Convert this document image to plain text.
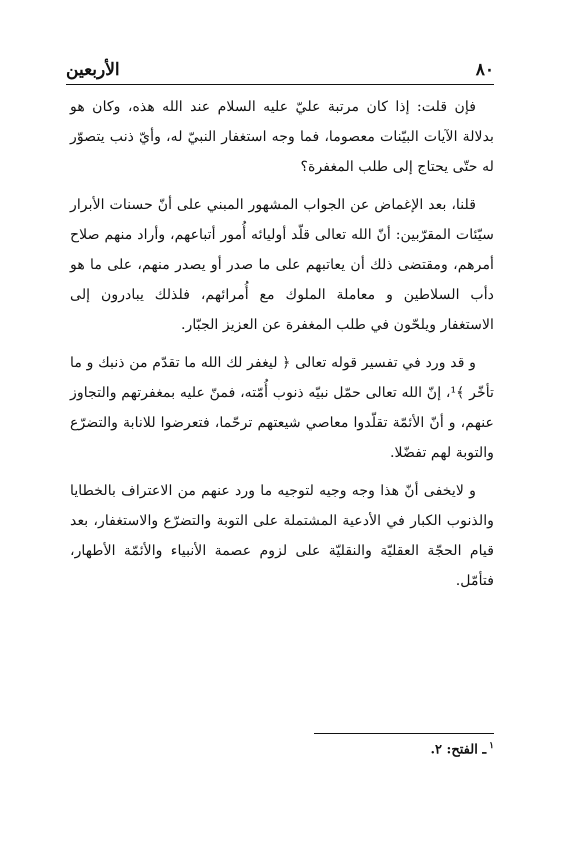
٨٠
الأربعين

فإن قلت: إذا كان مرتبة عليّ عليه السلام عند الله هذه، وكان هو بدلالة الآيات البيّنات معصوما، فما وجه استغفار النبيّ له، وأيّ ذنب يتصوّر له حتّى يحتاج إلى طلب المغفرة؟

قلنا، بعد الإغماض عن الجواب المشهور المبني على أنّ حسنات الأبرار سيّئات المقرّبين: أنّ الله تعالى قلّد أوليائه أُمور أتباعهم، وأراد منهم صلاح أمرهم، ومقتضى ذلك أن يعاتبهم على ما صدر أو يصدر منهم، على ما هو دأب السلاطين و معاملة الملوك مع أُمرائهم، فلذلك يبادرون إلى الاستغفار ويلحّون في طلب المغفرة عن العزيز الجبّار.

و قد ورد في تفسير قوله تعالى ﴿ ليغفر لك الله ما تقدّم من ذنبك و ما تأخّر ﴾¹، إنّ الله تعالى حمّل نبيّه ذنوب أُمّته، فمنّ عليه بمغفرتهم والتجاوز عنهم، و أنّ الأئمّة تقلّدوا معاصي شيعتهم ترحّما، فتعرضوا للانابة والتضرّع والتوبة لهم تفضّلا.

و لايخفى أنّ هذا وجه وجيه لتوجيه ما ورد عنهم من الاعتراف بالخطايا والذنوب الكبار في الأدعية المشتملة على التوبة والتضرّع والاستغفار، بعد قيام الحجّة العقليّة والنقليّة على لزوم عصمة الأنبياء والأئمّة الأطهار، فتأمّل.

$^١$ـ الفتح: ٢.
